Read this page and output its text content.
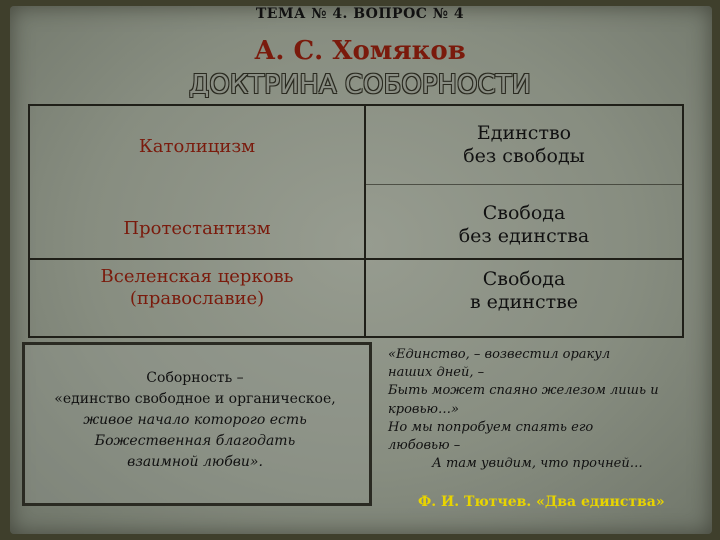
ТЕМА № 4. ВОПРОС № 4
А. С. Хомяков
ДОКТРИНА СОБОРНОСТИ
Католицизм
Единство
без свободы
Протестантизм
Свобода
без единства
Вселенская церковь
(православие)
Свобода
в единстве
Соборность –
«единство свободное и органическое,
живое начало которого есть
Божественная благодать
взаимной любви».
«Единство, – возвестил оракул
наших дней, –
Быть может спаяно железом лишь и
кровью…»
Но мы попробуем спаять его
любовью –
А там увидим, что прочней…
Ф. И. Тютчев. «Два единства»
